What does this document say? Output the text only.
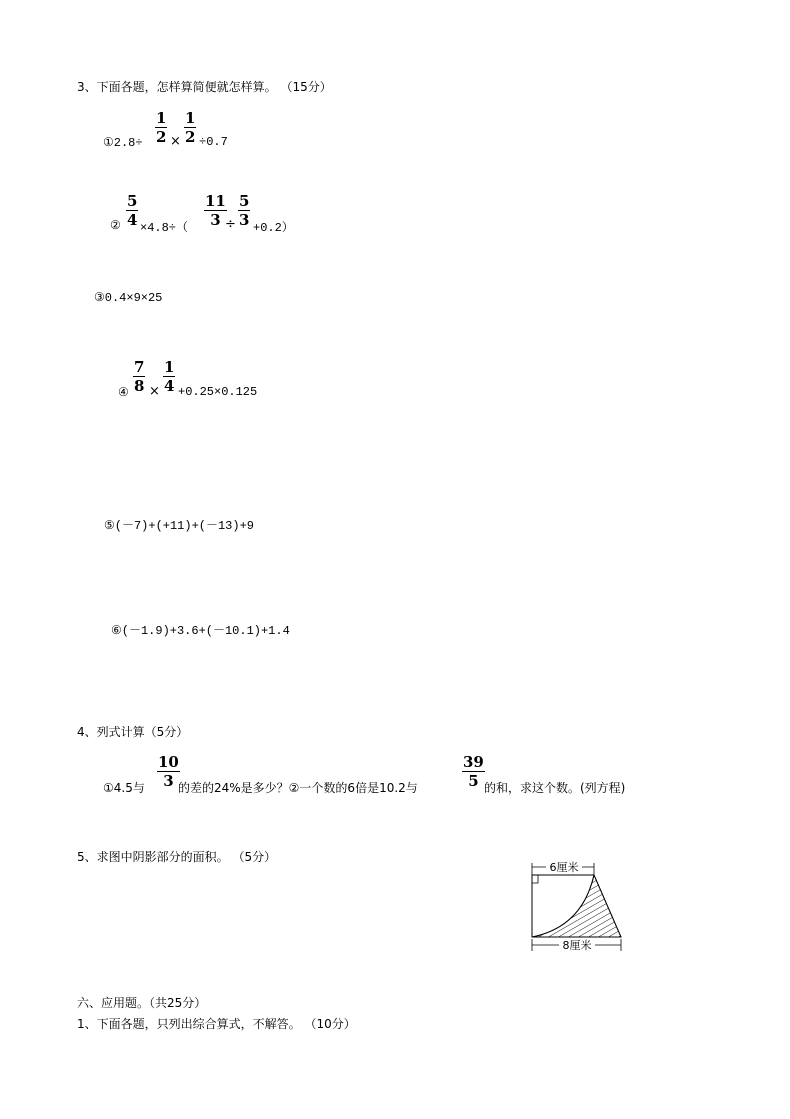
3、下面各题，怎样算简便就怎样算。 （15分）
①2.8÷
1
2 ×
1
2 ÷0.7
②
5
4 ×4.8÷（
11
3 ÷
5
3 +0.2）
③0.4×9×25
④
7
8 ×
1
4 +0.25×0.125
⑤(－7)+(+11)+(－13)+9
⑥(－1.9)+3.6+(－10.1)+1.4
4、列式计算（5分）
①4.5与
10
3 的差的24%是多少？②一个数的6倍是10.2与
39
5 的和，求这个数。(列方程)
5、求图中阴影部分的面积。 （5分）
6厘米
8厘米
六、应用题。（共25分）
1、下面各题，只列出综合算式，不解答。 （10分）
